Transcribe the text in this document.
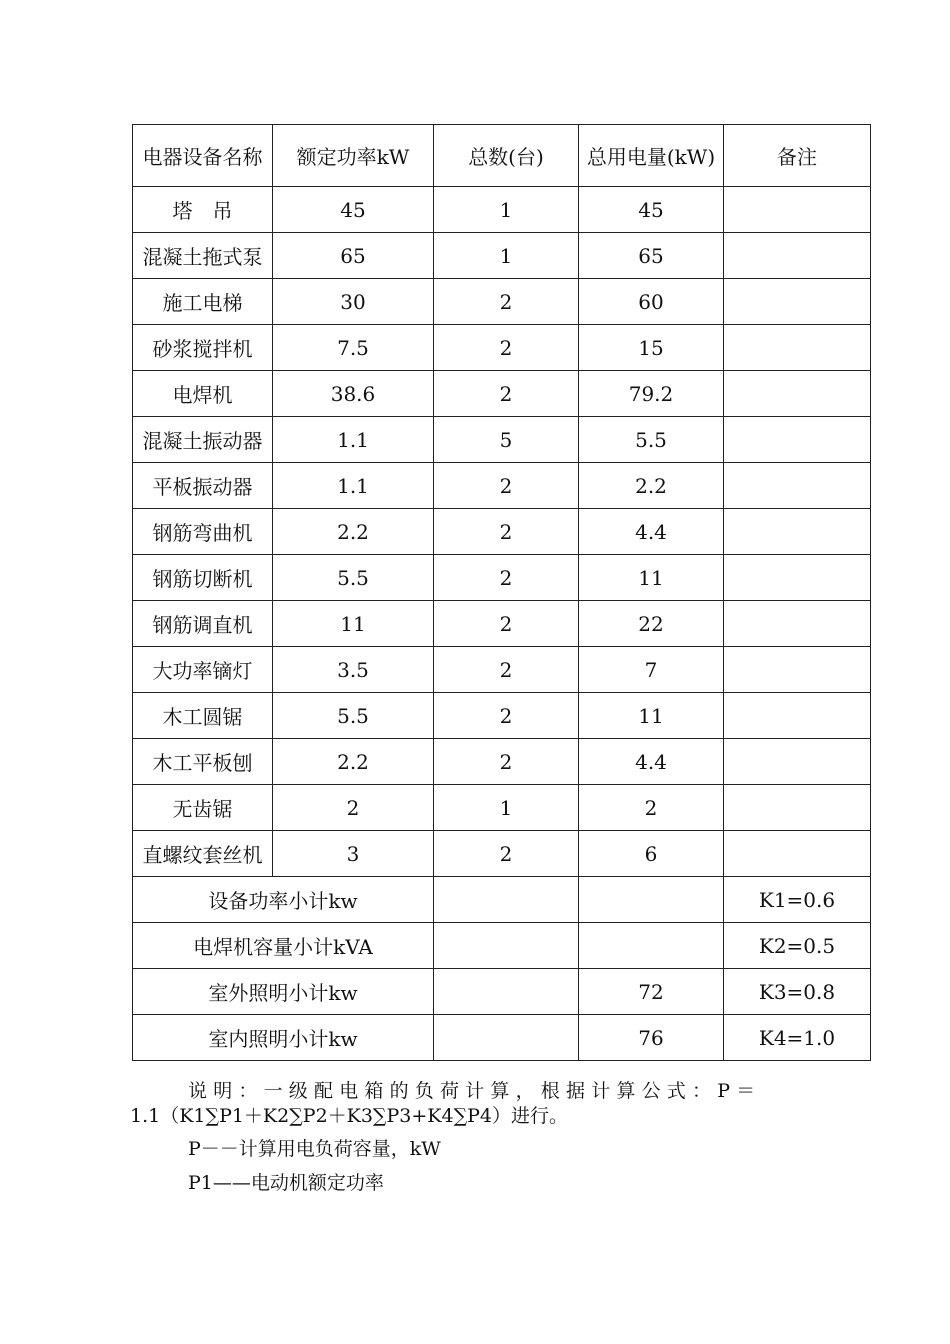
电器设备名称	额定功率kW	总数(台)	总用电量(kW)	备注
塔　吊	45	1	45	
混凝土拖式泵	65	1	65	
施工电梯	30	2	60	
砂浆搅拌机	7.5	2	15	
电焊机	38.6	2	79.2	
混凝土振动器	1.1	5	5.5	
平板振动器	1.1	2	2.2	
钢筋弯曲机	2.2	2	4.4	
钢筋切断机	5.5	2	11	
钢筋调直机	11	2	22	
大功率镝灯	3.5	2	7	
木工圆锯	5.5	2	11	
木工平板刨	2.2	2	4.4	
无齿锯	2	1	2	
直螺纹套丝机	3	2	6	
设备功率小计kw				K1=0.6
电焊机容量小计kVA				K2=0.5
室外照明小计kw			72	K3=0.8
室内照明小计kw			76	K4=1.0
说明：一级配电箱的负荷计算，根据计算公式：P＝
1.1（K1∑P1＋K2∑P2＋K3∑P3+K4∑P4）进行。
P－－计算用电负荷容量，kW
P1——电动机额定功率
